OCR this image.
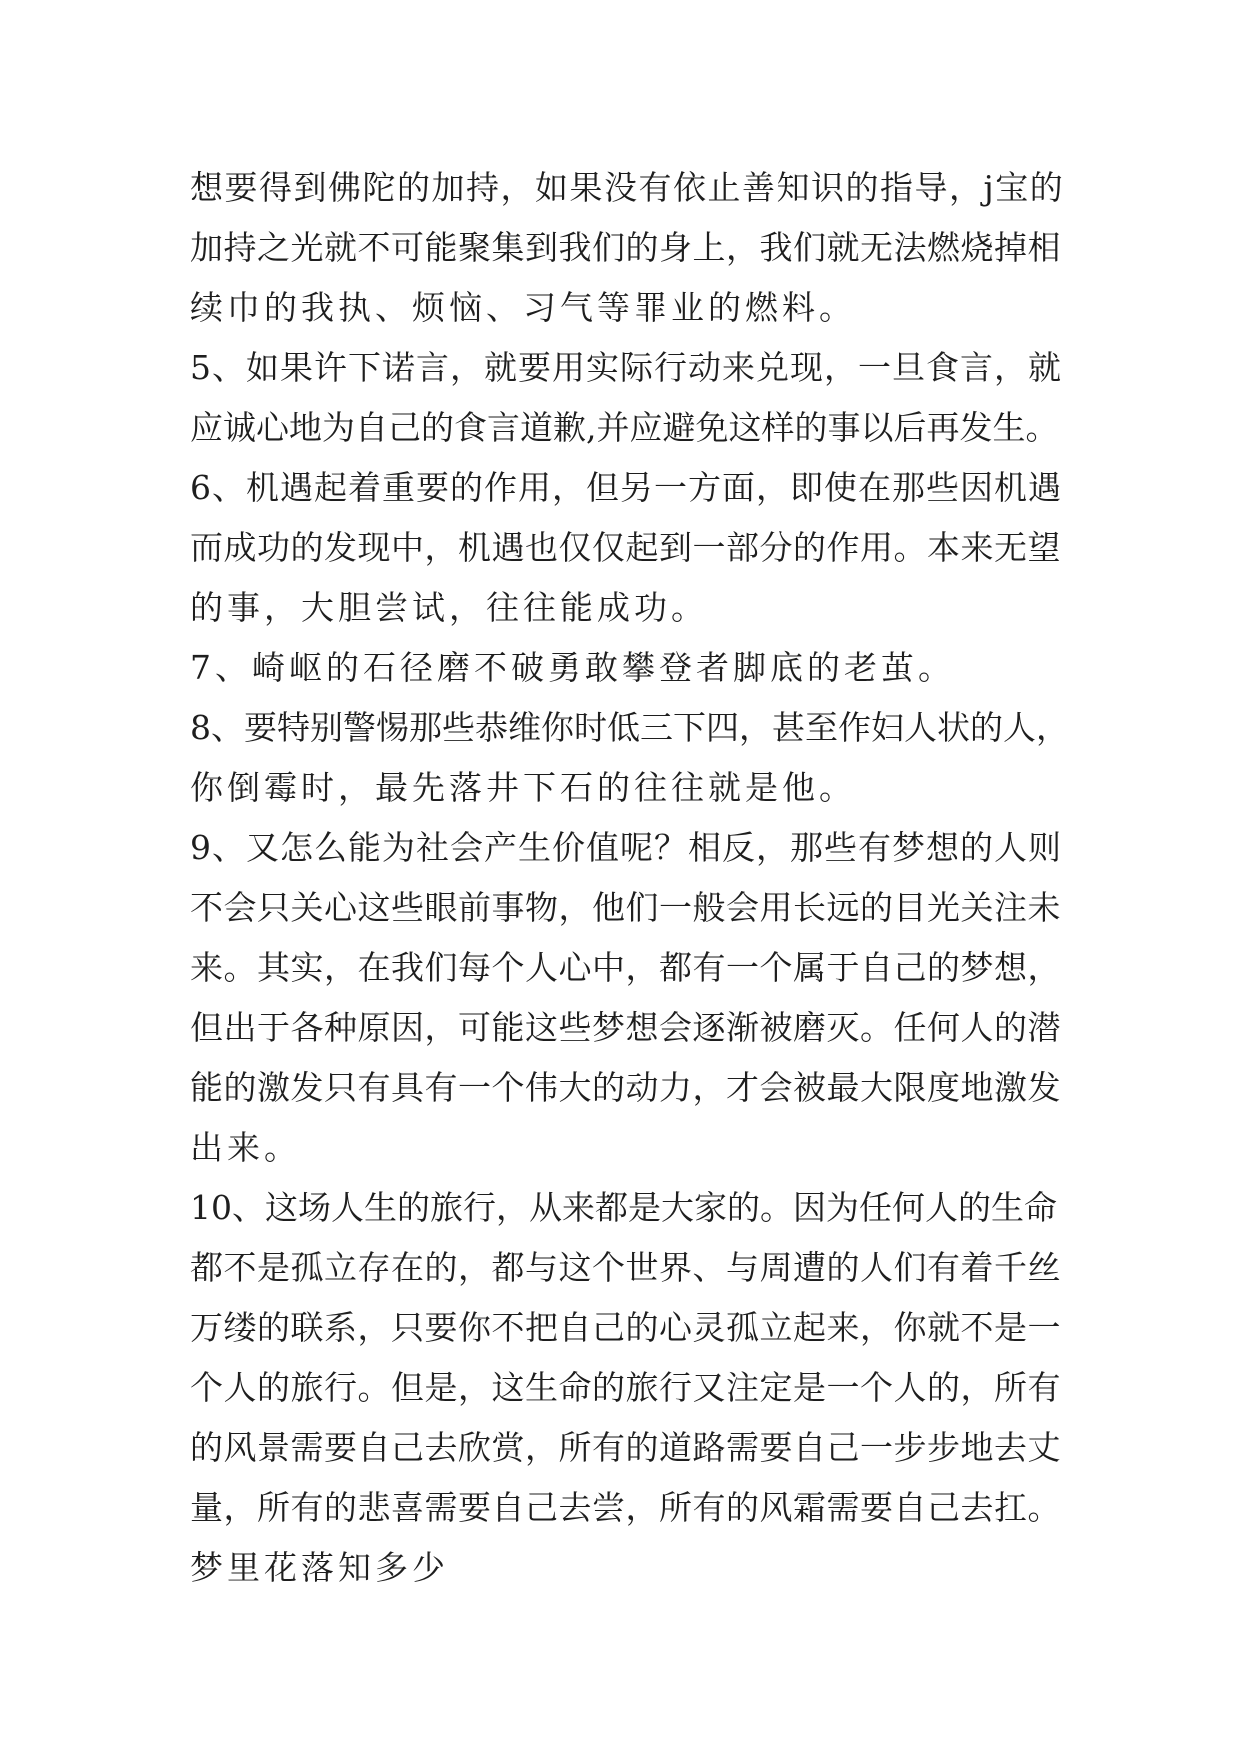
想要得到佛陀的加持，如果没有依止善知识的指导，j宝的
加持之光就不可能聚集到我们的身上，我们就无法燃烧掉相
续巾的我执、烦恼、习气等罪业的燃料。
5、如果许下诺言，就要用实际行动来兑现，一旦食言，就
应诚心地为自己的食言道歉,并应避免这样的事以后再发生。
6、机遇起着重要的作用，但另一方面，即使在那些因机遇
而成功的发现中，机遇也仅仅起到一部分的作用。本来无望
的事，大胆尝试，往往能成功。
7、崎岖的石径磨不破勇敢攀登者脚底的老茧。
8、要特别警惕那些恭维你时低三下四，甚至作妇人状的人，
你倒霉时，最先落井下石的往往就是他。
9、又怎么能为社会产生价值呢？相反，那些有梦想的人则
不会只关心这些眼前事物，他们一般会用长远的目光关注未
来。其实，在我们每个人心中，都有一个属于自己的梦想，
但出于各种原因，可能这些梦想会逐渐被磨灭。任何人的潜
能的激发只有具有一个伟大的动力，才会被最大限度地激发
出来。
10、这场人生的旅行，从来都是大家的。因为任何人的生命
都不是孤立存在的，都与这个世界、与周遭的人们有着千丝
万缕的联系，只要你不把自己的心灵孤立起来，你就不是一
个人的旅行。但是，这生命的旅行又注定是一个人的，所有
的风景需要自己去欣赏，所有的道路需要自己一步步地去丈
量，所有的悲喜需要自己去尝，所有的风霜需要自己去扛。
梦里花落知多少
